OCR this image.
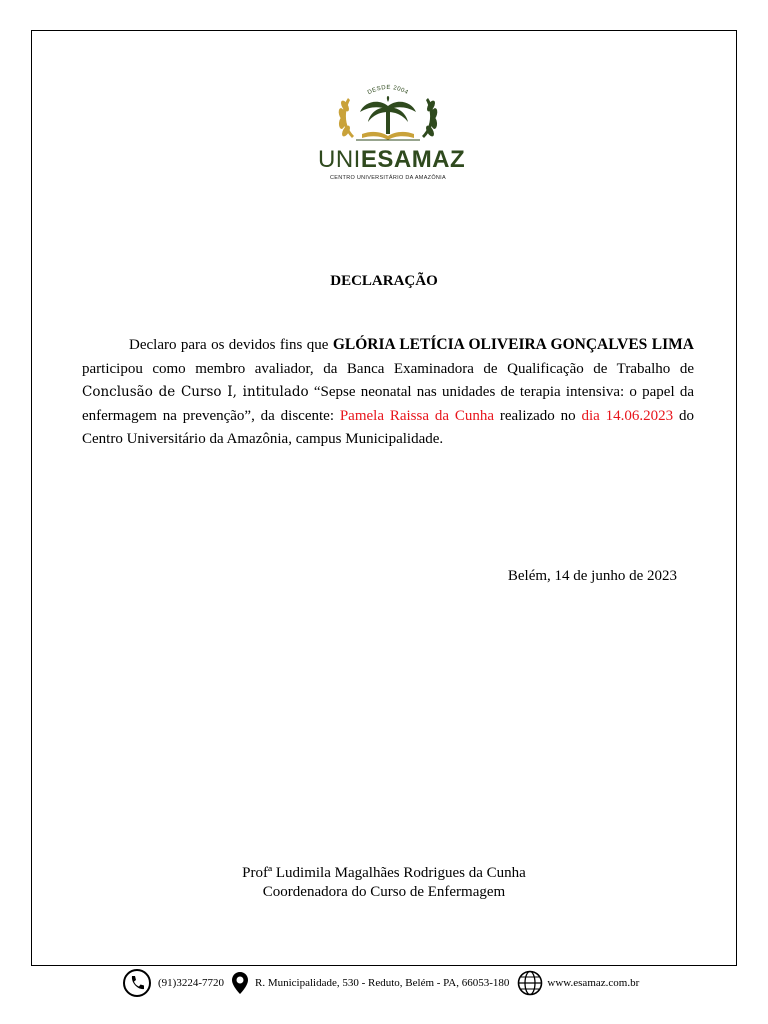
DESDE 2004
UNIESAMAZ
CENTRO UNIVERSITÁRIO DA AMAZÔNIA
DECLARAÇÃO

Declaro para os devidos fins que GLÓRIA LETÍCIA OLIVEIRA GONÇALVES LIMA participou como membro avaliador, da Banca Examinadora de Qualificação de Trabalho de Conclusão de Curso I, intitulado “Sepse neonatal nas unidades de terapia intensiva: o papel da enfermagem na prevenção”, da discente: Pamela Raissa da Cunha realizado no dia 14.06.2023 do Centro Universitário da Amazônia, campus Municipalidade.

Belém, 14 de junho de 2023
Profª Ludimila Magalhães Rodrigues da Cunha
Coordenadora do Curso de Enfermagem
(91)3224-7720	R. Municipalidade, 530 - Reduto, Belém - PA, 66053-180	www.esamaz.com.br
